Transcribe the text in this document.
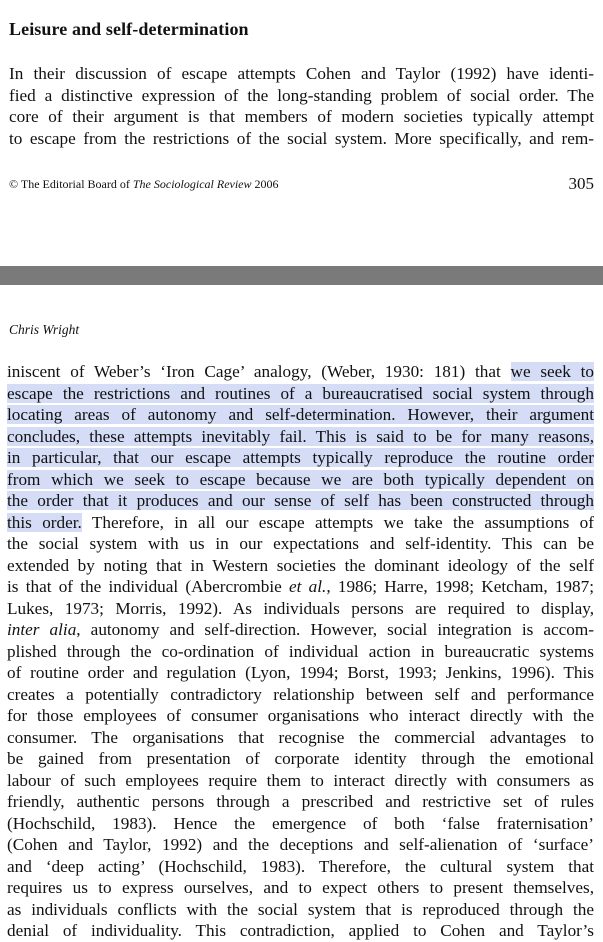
Leisure and self-determination

In their discussion of escape attempts Cohen and Taylor (1992) have identi-
fied a distinctive expression of the long-standing problem of social order. The
core of their argument is that members of modern societies typically attempt
to escape from the restrictions of the social system. More specifically, and rem-

© The Editorial Board of The Sociological Review 2006	305
Chris Wright

iniscent of Weber’s ‘Iron Cage’ analogy, (Weber, 1930: 181) that we seek to
escape the restrictions and routines of a bureaucratised social system through
locating areas of autonomy and self-determination. However, their argument
concludes, these attempts inevitably fail. This is said to be for many reasons,
in particular, that our escape attempts typically reproduce the routine order
from which we seek to escape because we are both typically dependent on
the order that it produces and our sense of self has been constructed through
this order. Therefore, in all our escape attempts we take the assumptions of
the social system with us in our expectations and self-identity. This can be
extended by noting that in Western societies the dominant ideology of the self
is that of the individual (Abercrombie et al., 1986; Harre, 1998; Ketcham, 1987;
Lukes, 1973; Morris, 1992). As individuals persons are required to display,
inter alia, autonomy and self-direction. However, social integration is accom-
plished through the co-ordination of individual action in bureaucratic systems
of routine order and regulation (Lyon, 1994; Borst, 1993; Jenkins, 1996). This
creates a potentially contradictory relationship between self and performance
for those employees of consumer organisations who interact directly with the
consumer. The organisations that recognise the commercial advantages to
be gained from presentation of corporate identity through the emotional
labour of such employees require them to interact directly with consumers as
friendly, authentic persons through a prescribed and restrictive set of rules
(Hochschild, 1983). Hence the emergence of both ‘false fraternisation’
(Cohen and Taylor, 1992) and the deceptions and self-alienation of ‘surface’
and ‘deep acting’ (Hochschild, 1983). Therefore, the cultural system that
requires us to express ourselves, and to expect others to present themselves,
as individuals conflicts with the social system that is reproduced through the
denial of individuality. This contradiction, applied to Cohen and Taylor’s
